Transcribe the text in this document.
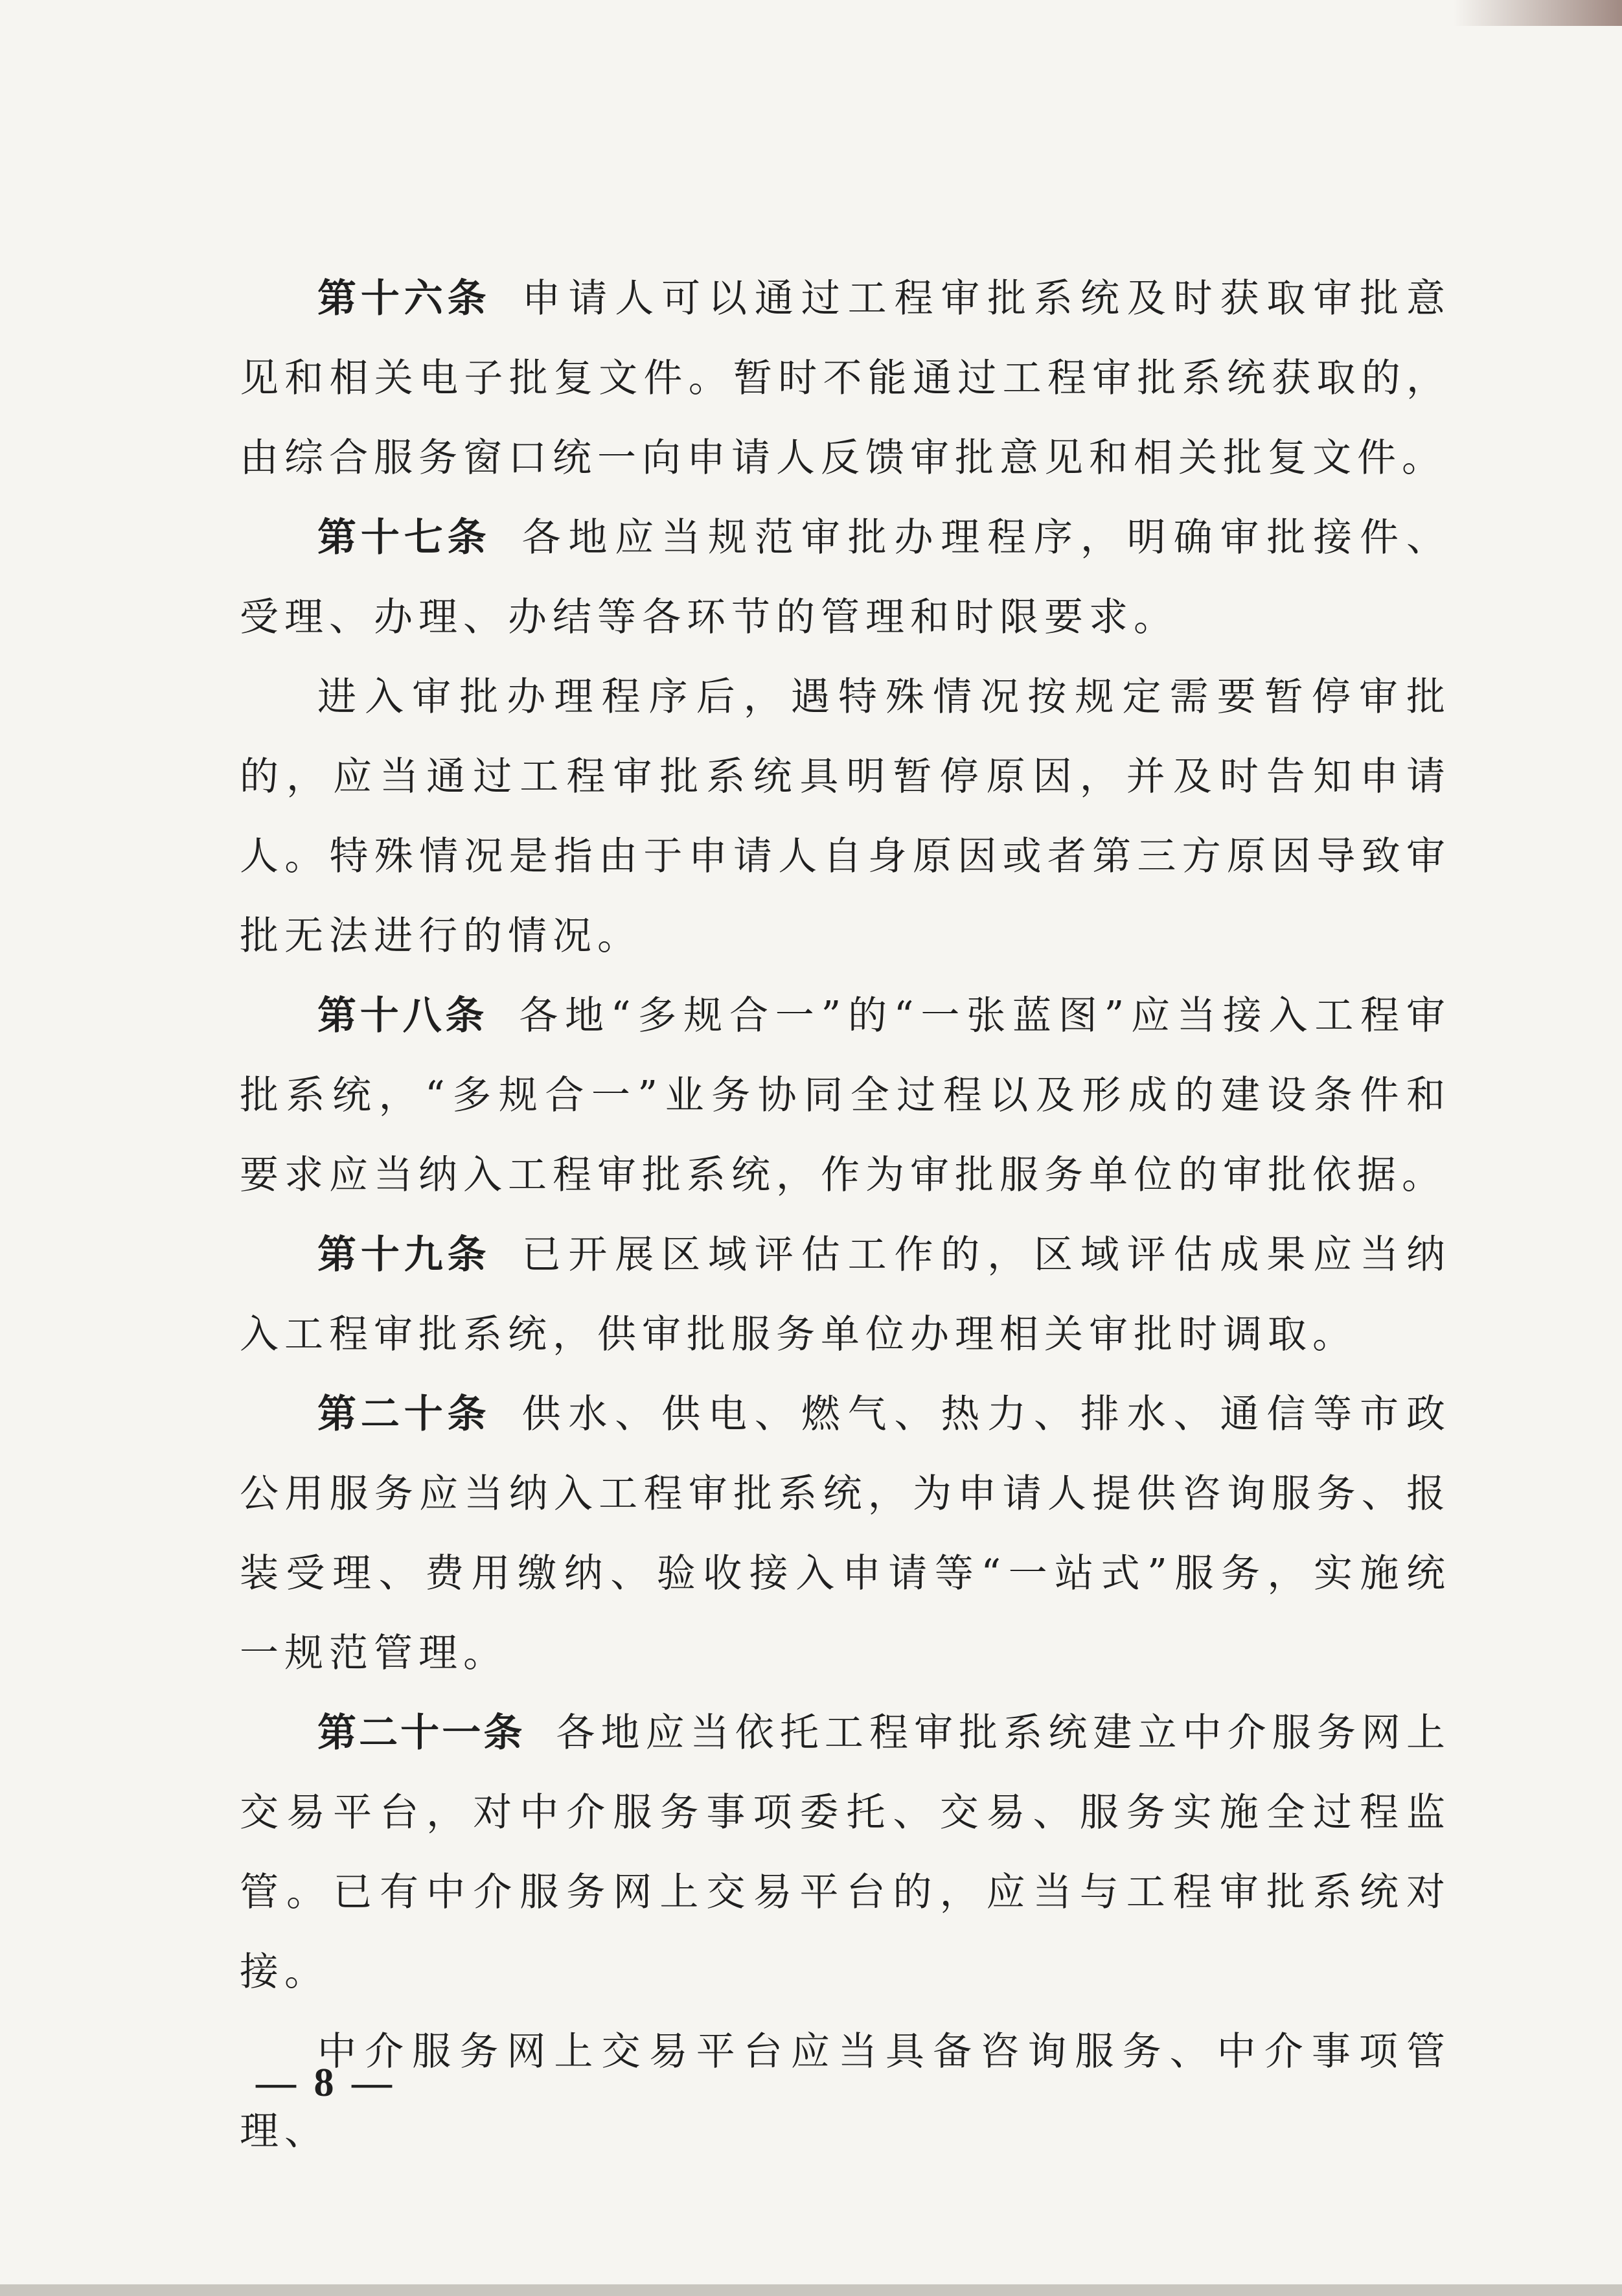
第十六条 申请人可以通过工程审批系统及时获取审批意见和相关电子批复文件。暂时不能通过工程审批系统获取的，由综合服务窗口统一向申请人反馈审批意见和相关批复文件。

第十七条 各地应当规范审批办理程序，明确审批接件、受理、办理、办结等各环节的管理和时限要求。

进入审批办理程序后，遇特殊情况按规定需要暂停审批的，应当通过工程审批系统具明暂停原因，并及时告知申请人。特殊情况是指由于申请人自身原因或者第三方原因导致审批无法进行的情况。

第十八条 各地“多规合一”的“一张蓝图”应当接入工程审批系统，“多规合一”业务协同全过程以及形成的建设条件和要求应当纳入工程审批系统，作为审批服务单位的审批依据。

第十九条 已开展区域评估工作的，区域评估成果应当纳入工程审批系统，供审批服务单位办理相关审批时调取。

第二十条 供水、供电、燃气、热力、排水、通信等市政公用服务应当纳入工程审批系统，为申请人提供咨询服务、报装受理、费用缴纳、验收接入申请等“一站式”服务，实施统一规范管理。

第二十一条 各地应当依托工程审批系统建立中介服务网上交易平台，对中介服务事项委托、交易、服务实施全过程监管。已有中介服务网上交易平台的，应当与工程审批系统对接。

中介服务网上交易平台应当具备咨询服务、中介事项管理、

— 8 —
